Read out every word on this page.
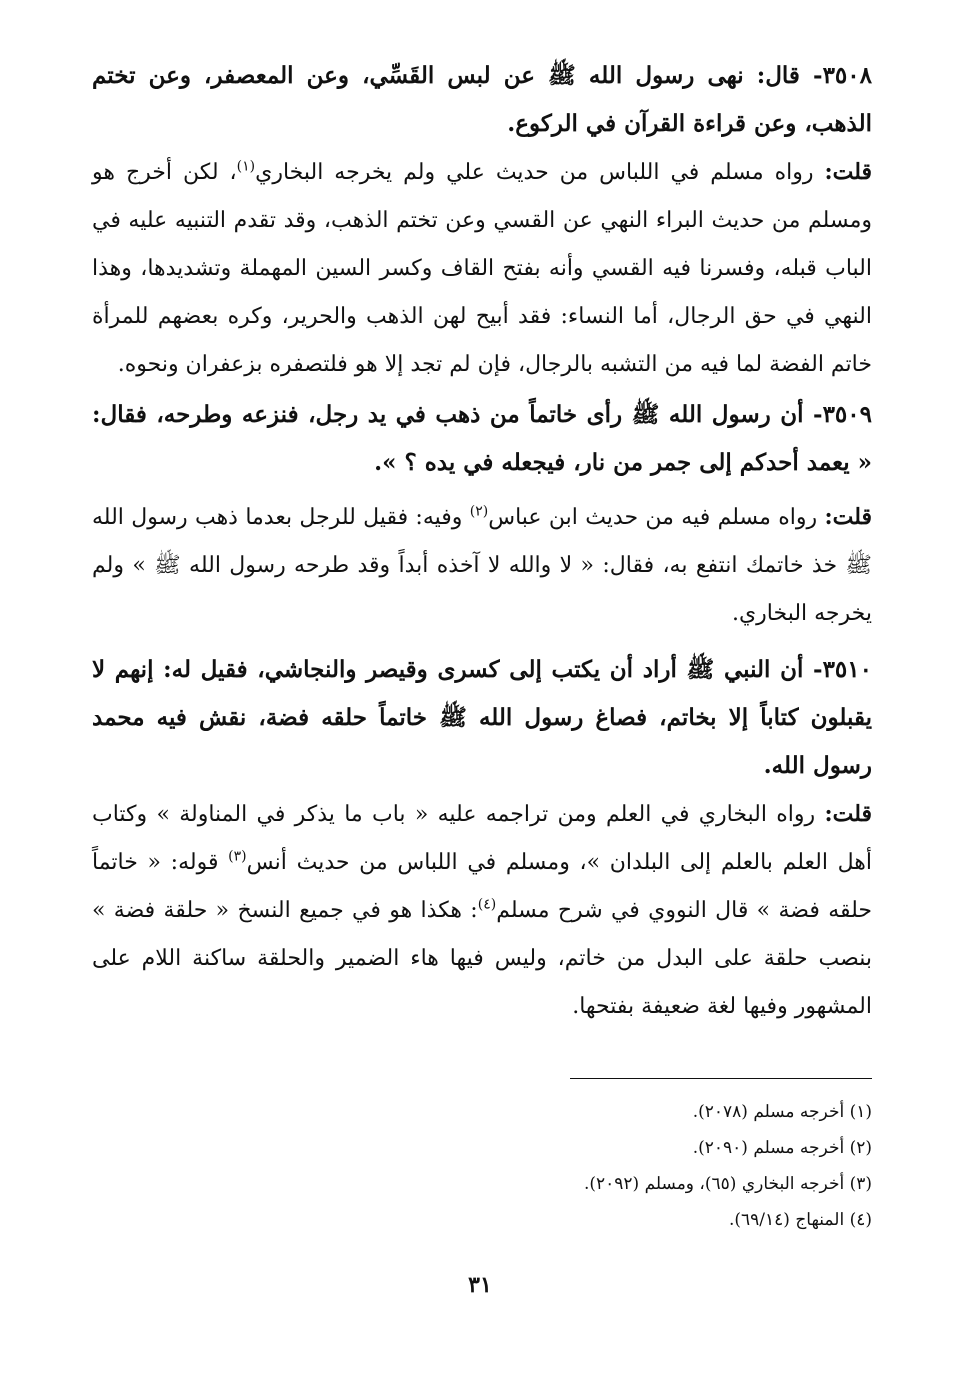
٣٥٠٨- قال: نهى رسول الله ﷺ عن لبس القَسِّي، وعن المعصفر، وعن تختم الذهب، وعن قراءة القرآن في الركوع.

قلت: رواه مسلم في اللباس من حديث علي ولم يخرجه البخاري$^{(١)}$، لكن أخرج هو ومسلم من حديث البراء النهي عن القسي وعن تختم الذهب، وقد تقدم التنبيه عليه في الباب قبله، وفسرنا فيه القسي وأنه بفتح القاف وكسر السين المهملة وتشديدها، وهذا النهي في حق الرجال، أما النساء: فقد أبيح لهن الذهب والحرير، وكره بعضهم للمرأة خاتم الفضة لما فيه من التشبه بالرجال، فإن لم تجد إلا هو فلتصفره بزعفران ونحوه.

٣٥٠٩- أن رسول الله ﷺ رأى خاتماً من ذهب في يد رجل، فنزعه وطرحه، فقال: « يعمد أحدكم إلى جمر من نار، فيجعله في يده ؟ ».

قلت: رواه مسلم فيه من حديث ابن عباس$^{(٢)}$ وفيه: فقيل للرجل بعدما ذهب رسول الله ﷺ خذ خاتمك انتفع به، فقال: « لا والله لا آخذه أبداً وقد طرحه رسول الله ﷺ » ولم يخرجه البخاري.

٣٥١٠- أن النبي ﷺ أراد أن يكتب إلى كسرى وقيصر والنجاشي، فقيل له: إنهم لا يقبلون كتاباً إلا بخاتم، فصاغ رسول الله ﷺ خاتماً حلقه فضة، نقش فيه محمد رسول الله.

قلت: رواه البخاري في العلم ومن تراجمه عليه « باب ما يذكر في المناولة » وكتاب أهل العلم بالعلم إلى البلدان »، ومسلم في اللباس من حديث أنس$^{(٣)}$ قوله: « خاتماً حلقه فضة » قال النووي في شرح مسلم$^{(٤)}$: هكذا هو في جميع النسخ « حلقة فضة » بنصب حلقة على البدل من خاتم، وليس فيها هاء الضمير والحلقة ساكنة اللام على المشهور وفيها لغة ضعيفة بفتحها.

(١) أخرجه مسلم (٢٠٧٨).
(٢) أخرجه مسلم (٢٠٩٠).
(٣) أخرجه البخاري (٦٥)، ومسلم (٢٠٩٢).
(٤) المنهاج (٦٩/١٤).
٣١
